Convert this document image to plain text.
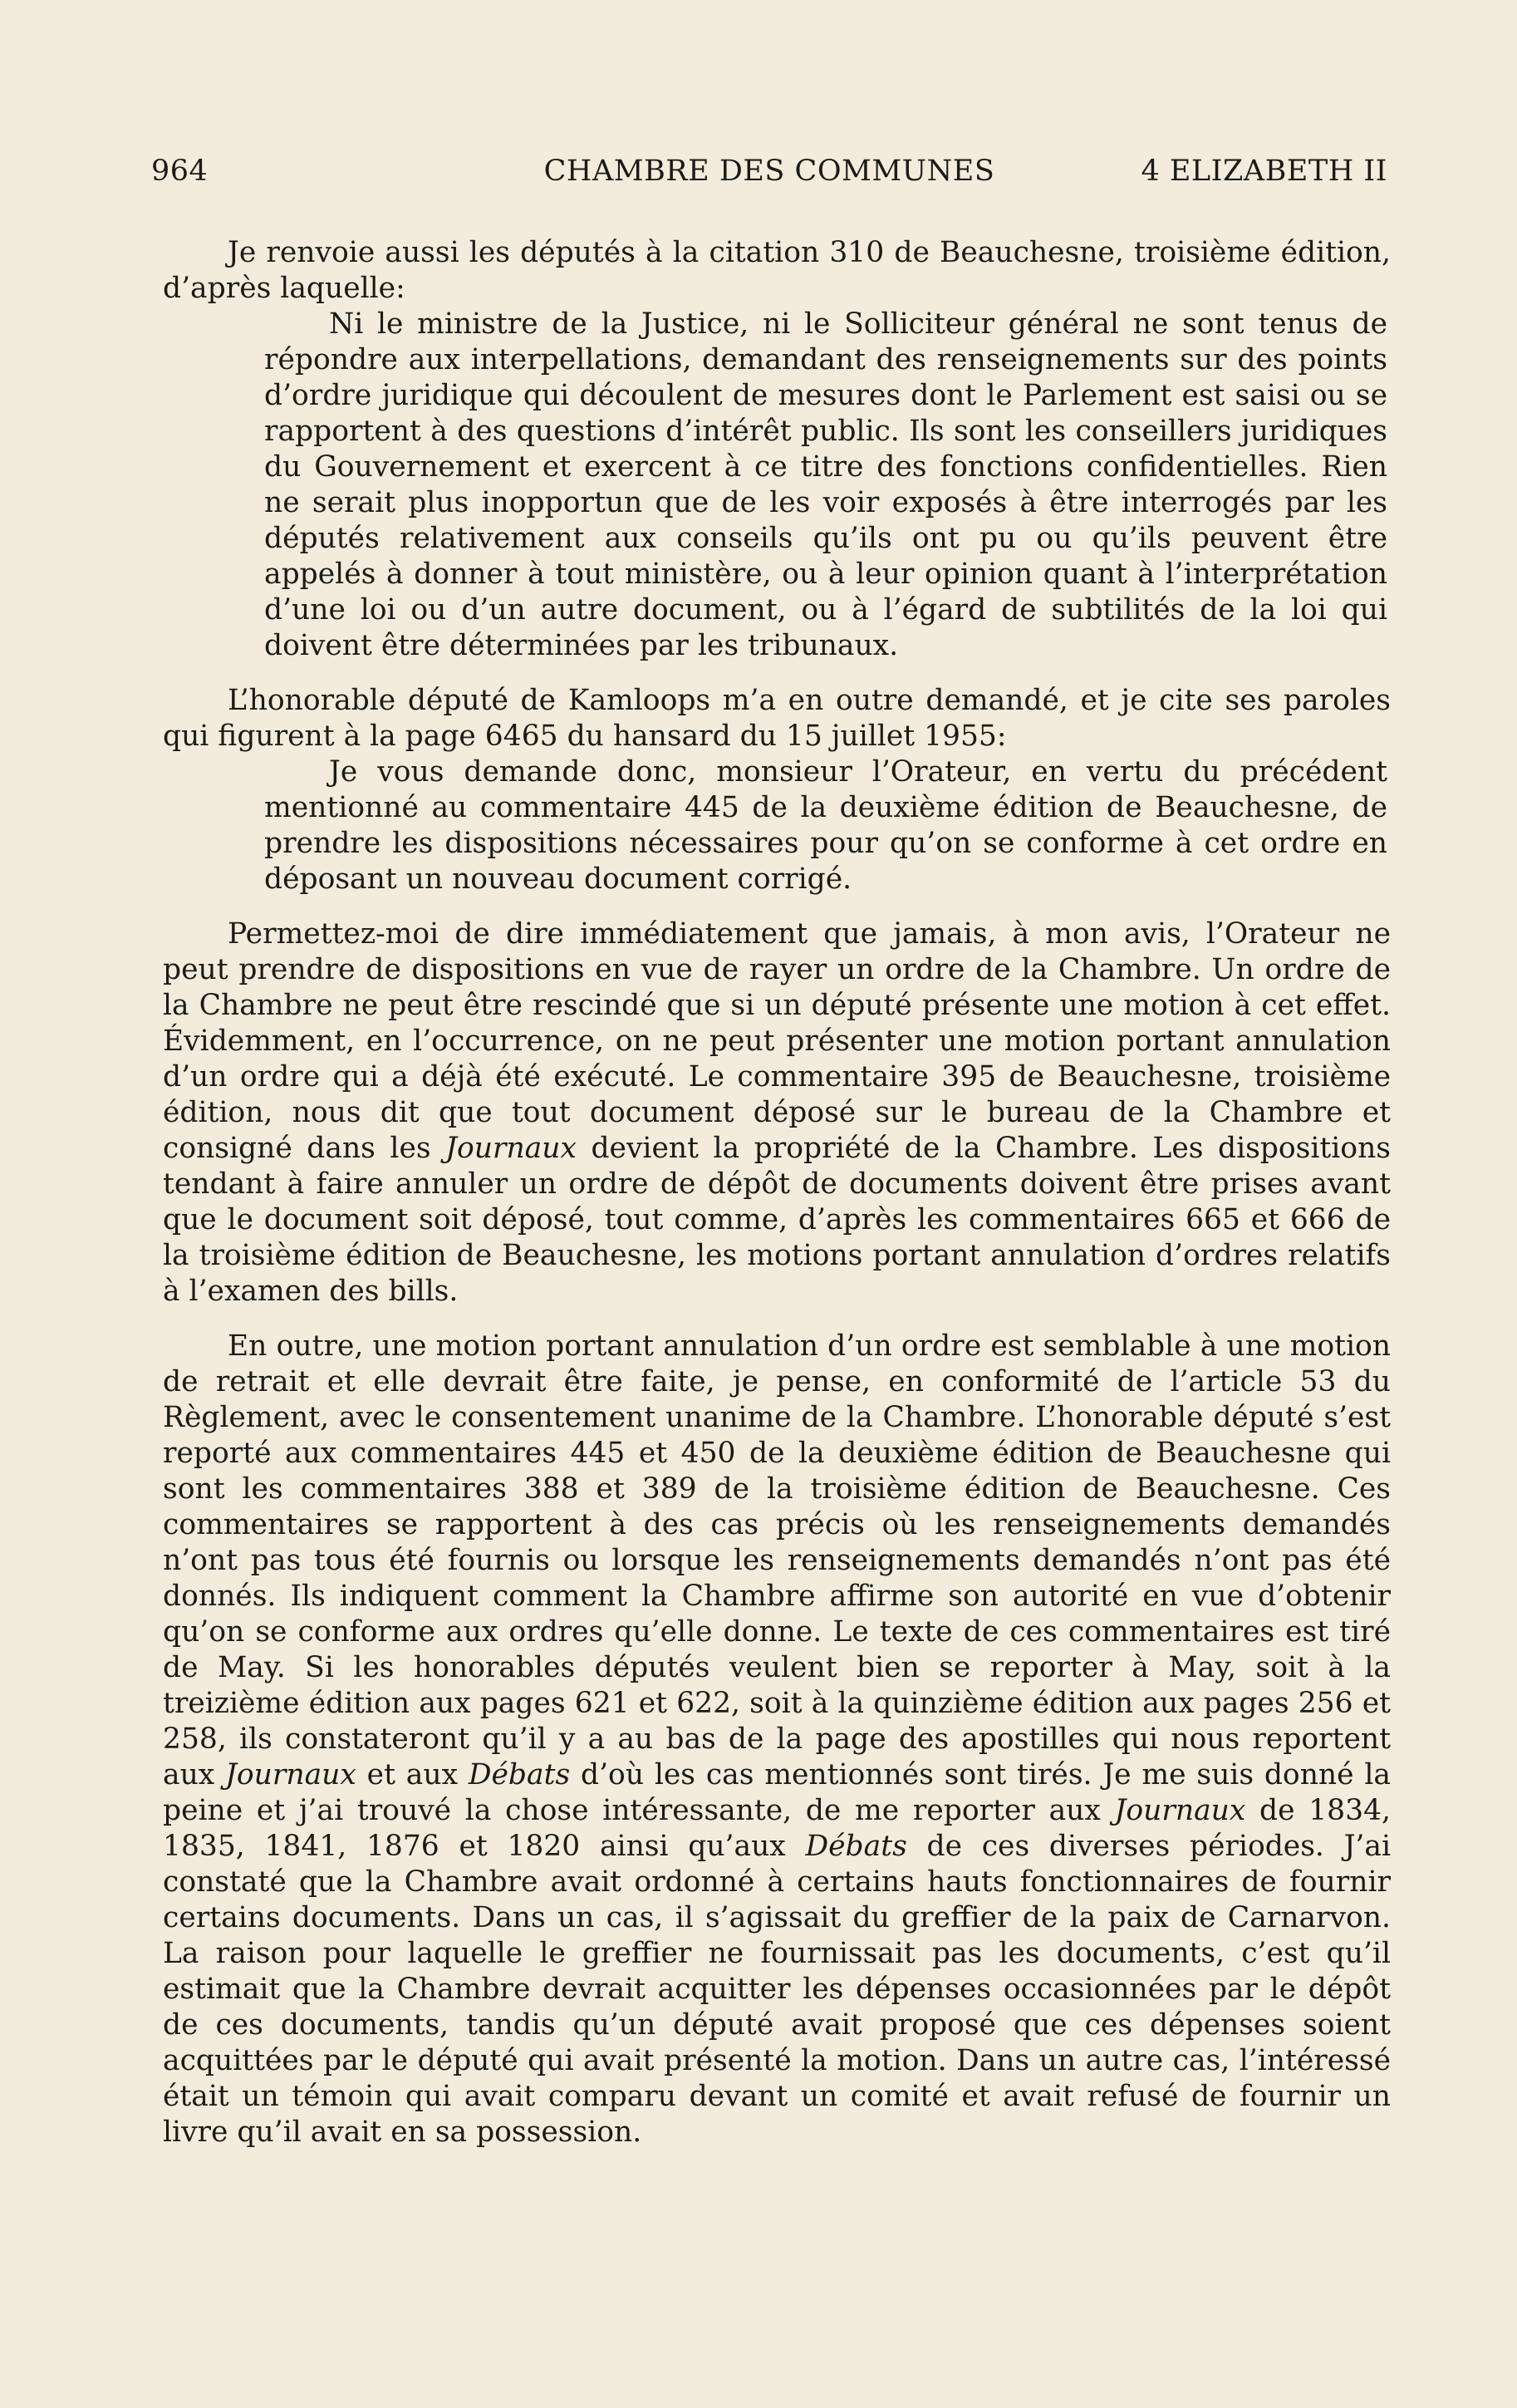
964	CHAMBRE DES COMMUNES	4 ELIZABETH II

Je renvoie aussi les députés à la citation 310 de Beauchesne, troisième édition, d’après laquelle:

Ni le ministre de la Justice, ni le Solliciteur général ne sont tenus de répondre aux interpellations, demandant des renseignements sur des points d’ordre juridique qui découlent de mesures dont le Parlement est saisi ou se rapportent à des questions d’intérêt public. Ils sont les conseillers juridiques du Gouvernement et exercent à ce titre des fonctions confidentielles. Rien ne serait plus inopportun que de les voir exposés à être interrogés par les députés relativement aux conseils qu’ils ont pu ou qu’ils peuvent être appelés à donner à tout ministère, ou à leur opinion quant à l’interprétation d’une loi ou d’un autre document, ou à l’égard de subtilités de la loi qui doivent être déterminées par les tribunaux.

L’honorable député de Kamloops m’a en outre demandé, et je cite ses paroles qui figurent à la page 6465 du hansard du 15 juillet 1955:

Je vous demande donc, monsieur l’Orateur, en vertu du précédent mentionné au commentaire 445 de la deuxième édition de Beauchesne, de prendre les dispositions nécessaires pour qu’on se conforme à cet ordre en déposant un nouveau document corrigé.

Permettez-moi de dire immédiatement que jamais, à mon avis, l’Orateur ne peut prendre de dispositions en vue de rayer un ordre de la Chambre. Un ordre de la Chambre ne peut être rescindé que si un député présente une motion à cet effet. Évidemment, en l’occurrence, on ne peut présenter une motion portant annulation d’un ordre qui a déjà été exécuté. Le commentaire 395 de Beauchesne, troisième édition, nous dit que tout document déposé sur le bureau de la Chambre et consigné dans les Journaux devient la propriété de la Chambre. Les dispositions tendant à faire annuler un ordre de dépôt de documents doivent être prises avant que le document soit déposé, tout comme, d’après les commentaires 665 et 666 de la troisième édition de Beauchesne, les motions portant annulation d’ordres relatifs à l’examen des bills.

En outre, une motion portant annulation d’un ordre est semblable à une motion de retrait et elle devrait être faite, je pense, en conformité de l’article 53 du Règlement, avec le consentement unanime de la Chambre. L’honorable député s’est reporté aux commentaires 445 et 450 de la deuxième édition de Beauchesne qui sont les commentaires 388 et 389 de la troisième édition de Beauchesne. Ces commentaires se rapportent à des cas précis où les renseignements demandés n’ont pas tous été fournis ou lorsque les renseignements demandés n’ont pas été donnés. Ils indiquent comment la Chambre affirme son autorité en vue d’obtenir qu’on se conforme aux ordres qu’elle donne. Le texte de ces commentaires est tiré de May. Si les honorables députés veulent bien se reporter à May, soit à la treizième édition aux pages 621 et 622, soit à la quinzième édition aux pages 256 et 258, ils constateront qu’il y a au bas de la page des apostilles qui nous reportent aux Journaux et aux Débats d’où les cas mentionnés sont tirés. Je me suis donné la peine et j’ai trouvé la chose intéressante, de me reporter aux Journaux de 1834, 1835, 1841, 1876 et 1820 ainsi qu’aux Débats de ces diverses périodes. J’ai constaté que la Chambre avait ordonné à certains hauts fonctionnaires de fournir certains documents. Dans un cas, il s’agissait du greffier de la paix de Carnarvon. La raison pour laquelle le greffier ne fournissait pas les documents, c’est qu’il estimait que la Chambre devrait acquitter les dépenses occasionnées par le dépôt de ces documents, tandis qu’un député avait proposé que ces dépenses soient acquittées par le député qui avait présenté la motion. Dans un autre cas, l’intéressé était un témoin qui avait comparu devant un comité et avait refusé de fournir un livre qu’il avait en sa possession.
